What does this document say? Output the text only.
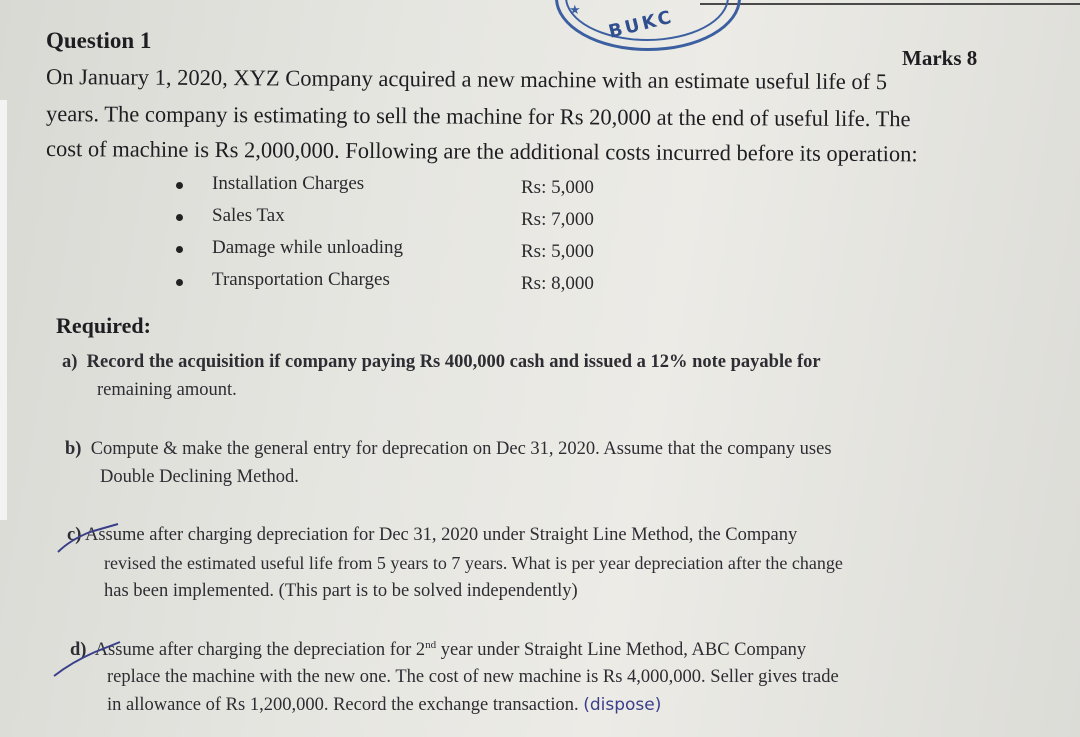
★ BUKC
Question 1
Marks 8
On January 1, 2020, XYZ Company acquired a new machine with an estimate useful life of 5
years. The company is estimating to sell the machine for Rs 20,000 at the end of useful life. The
cost of machine is Rs 2,000,000. Following are the additional costs incurred before its operation:
Installation Charges	Rs: 5,000
Sales Tax	Rs: 7,000
Damage while unloading	Rs: 5,000
Transportation Charges	Rs: 8,000
Required:
a) Record the acquisition if company paying Rs 400,000 cash and issued a 12% note payable for
remaining amount.
b) Compute & make the general entry for deprecation on Dec 31, 2020. Assume that the company uses
Double Declining Method.
c) Assume after charging depreciation for Dec 31, 2020 under Straight Line Method, the Company
revised the estimated useful life from 5 years to 7 years. What is per year depreciation after the change
has been implemented. (This part is to be solved independently)
d) Assume after charging the depreciation for 2nd year under Straight Line Method, ABC Company
replace the machine with the new one. The cost of new machine is Rs 4,000,000. Seller gives trade
in allowance of Rs 1,200,000. Record the exchange transaction. (dispose)
